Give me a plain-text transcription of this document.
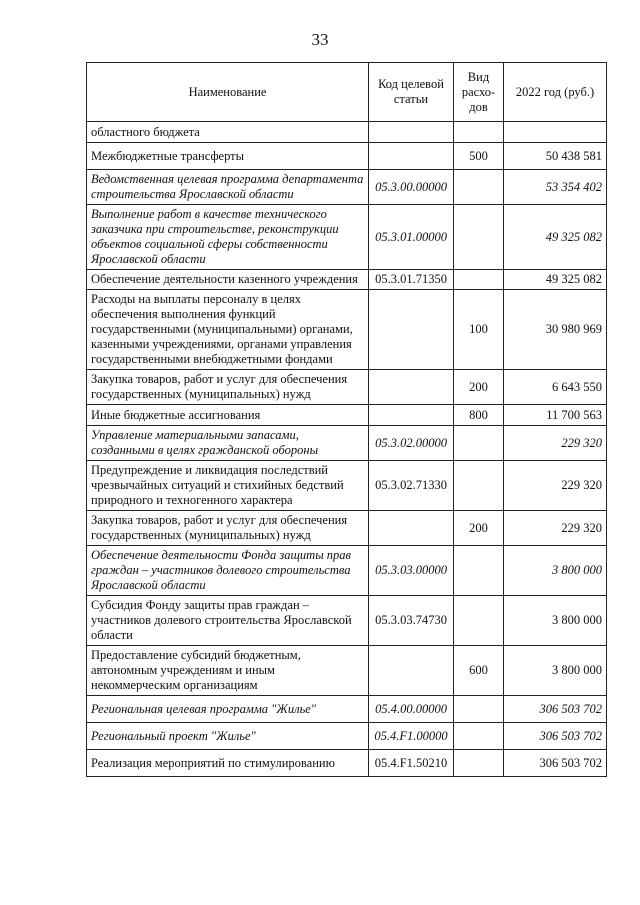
33
Наименование	Код целевой статьи	Вид расхо-дов	2022 год (руб.)
областного бюджета			
Межбюджетные трансферты		500	50 438 581
Ведомственная целевая программа департамента строительства Ярославской области	05.3.00.00000		53 354 402
Выполнение работ в качестве технического заказчика при строительстве, реконструкции объектов социальной сферы собственности Ярославской области	05.3.01.00000		49 325 082
Обеспечение деятельности казенного учреждения	05.3.01.71350		49 325 082
Расходы на выплаты персоналу в целях обеспечения выполнения функций государственными (муниципальными) органами, казенными учреждениями, органами управления государственными внебюджетными фондами		100	30 980 969
Закупка товаров, работ и услуг для обеспечения государственных (муниципальных) нужд		200	6 643 550
Иные бюджетные ассигнования		800	11 700 563
Управление материальными запасами, созданными в целях гражданской обороны	05.3.02.00000		229 320
Предупреждение и ликвидация последствий чрезвычайных ситуаций и стихийных бедствий природного и техногенного характера	05.3.02.71330		229 320
Закупка товаров, работ и услуг для обеспечения государственных (муниципальных) нужд		200	229 320
Обеспечение деятельности Фонда защиты прав граждан – участников долевого строительства Ярославской области	05.3.03.00000		3 800 000
Субсидия Фонду защиты прав граждан – участников долевого строительства Ярославской области	05.3.03.74730		3 800 000
Предоставление субсидий бюджетным, автономным учреждениям и иным некоммерческим организациям		600	3 800 000
Региональная целевая программа "Жилье"	05.4.00.00000		306 503 702
Региональный проект "Жилье"	05.4.F1.00000		306 503 702
Реализация мероприятий по стимулированию	05.4.F1.50210		306 503 702
